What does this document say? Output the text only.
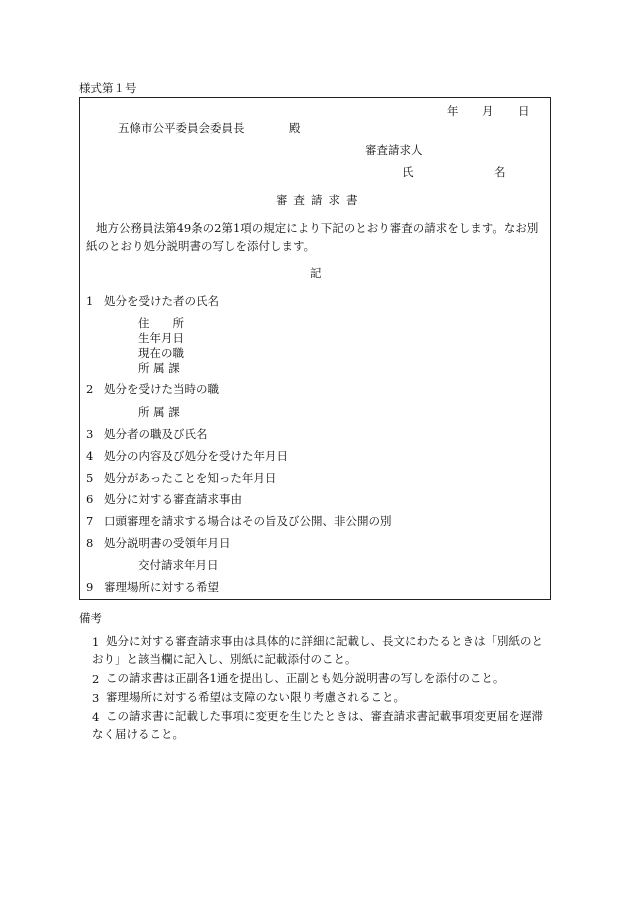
様式第１号
年 月 日
五條市公平委員会委員長	殿
審査請求人
氏	名
審査請求書
地方公務員法第49条の2第1項の規定により下記のとおり審査の請求をします。なお別紙のとおり処分説明書の写しを添付します。
記
1 処分を受けた者の氏名
住　　所
生年月日
現在の職
所 属 課
2 処分を受けた当時の職
所 属 課
3 処分者の職及び氏名
4 処分の内容及び処分を受けた年月日
5 処分があったことを知った年月日
6 処分に対する審査請求事由
7 口頭審理を請求する場合はその旨及び公開、非公開の別
8 処分説明書の受領年月日
交付請求年月日
9 審理場所に対する希望
備考
1 処分に対する審査請求事由は具体的に詳細に記載し、長文にわたるときは「別紙のとおり」と該当欄に記入し、別紙に記載添付のこと。
2 この請求書は正副各1通を提出し、正副とも処分説明書の写しを添付のこと。
3 審理場所に対する希望は支障のない限り考慮されること。
4 この請求書に記載した事項に変更を生じたときは、審査請求書記載事項変更届を遅滞なく届けること。
